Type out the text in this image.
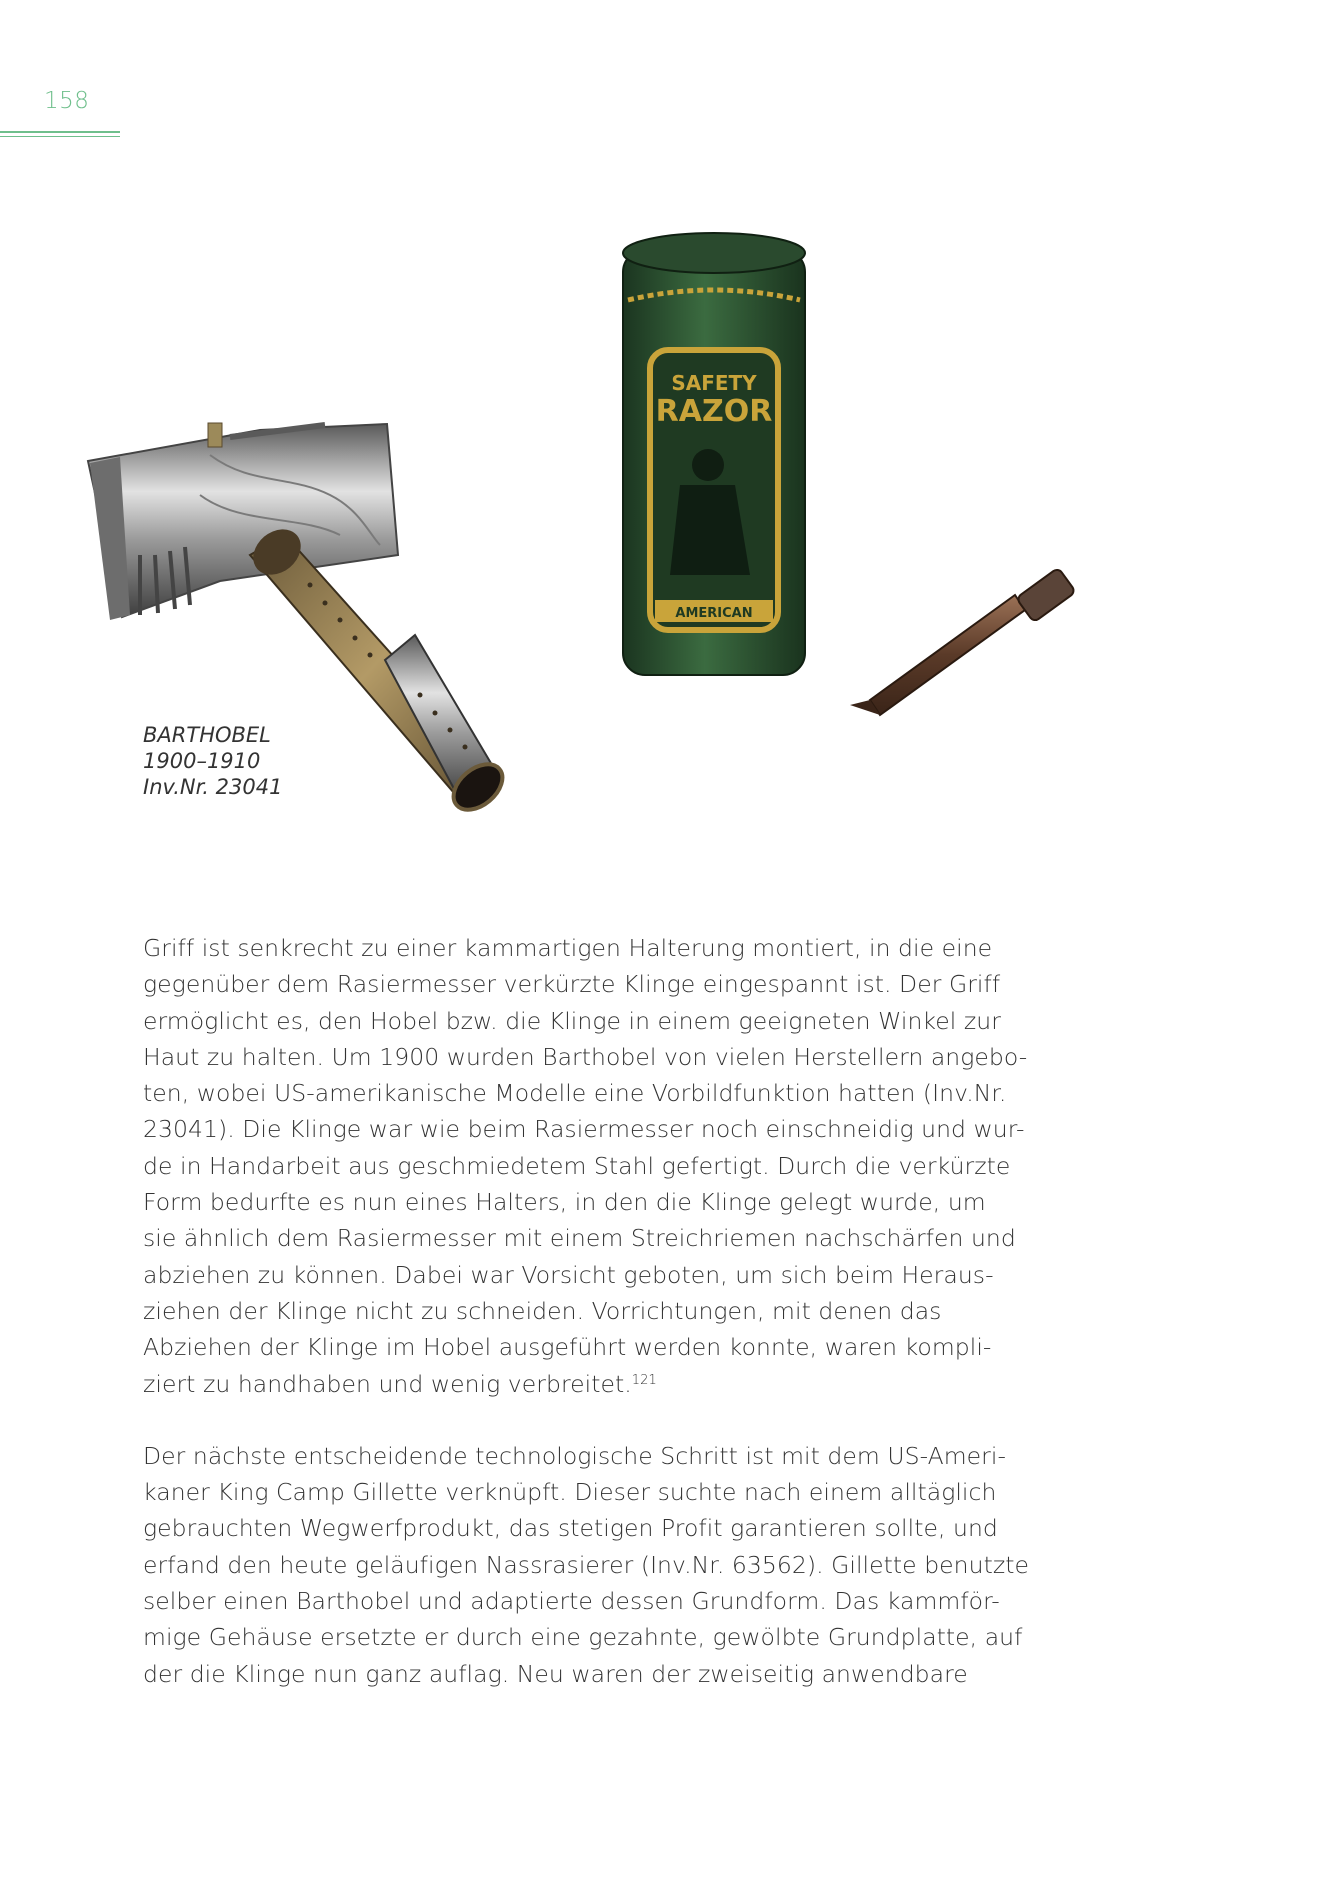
158
SAFETY
RAZOR
AMERICAN
BARTHOBEL
1900–1910
Inv.Nr. 23041
Griff ist senkrecht zu einer kammartigen Halterung montiert, in die eine
gegenüber dem Rasiermesser verkürzte Klinge eingespannt ist. Der Griff
ermöglicht es, den Hobel bzw. die Klinge in einem geeigneten Winkel zur
Haut zu halten. Um 1900 wurden Barthobel von vielen Herstellern angebo-
ten, wobei US-amerikanische Modelle eine Vorbildfunktion hatten (Inv.Nr.
23041). Die Klinge war wie beim Rasiermesser noch einschneidig und wur-
de in Handarbeit aus geschmiedetem Stahl gefertigt. Durch die verkürzte
Form bedurfte es nun eines Halters, in den die Klinge gelegt wurde, um
sie ähnlich dem Rasiermesser mit einem Streichriemen nachschärfen und
abziehen zu können. Dabei war Vorsicht geboten, um sich beim Heraus-
ziehen der Klinge nicht zu schneiden. Vorrichtungen, mit denen das
Abziehen der Klinge im Hobel ausgeführt werden konnte, waren kompli-
ziert zu handhaben und wenig verbreitet.$^{121}$
Der nächste entscheidende technologische Schritt ist mit dem US-Ameri-
kaner King Camp Gillette verknüpft. Dieser suchte nach einem alltäglich
gebrauchten Wegwerfprodukt, das stetigen Profit garantieren sollte, und
erfand den heute geläufigen Nassrasierer (Inv.Nr. 63562). Gillette benutzte
selber einen Barthobel und adaptierte dessen Grundform. Das kammför-
mige Gehäuse ersetzte er durch eine gezahnte, gewölbte Grundplatte, auf
der die Klinge nun ganz auflag. Neu waren der zweiseitig anwendbare
